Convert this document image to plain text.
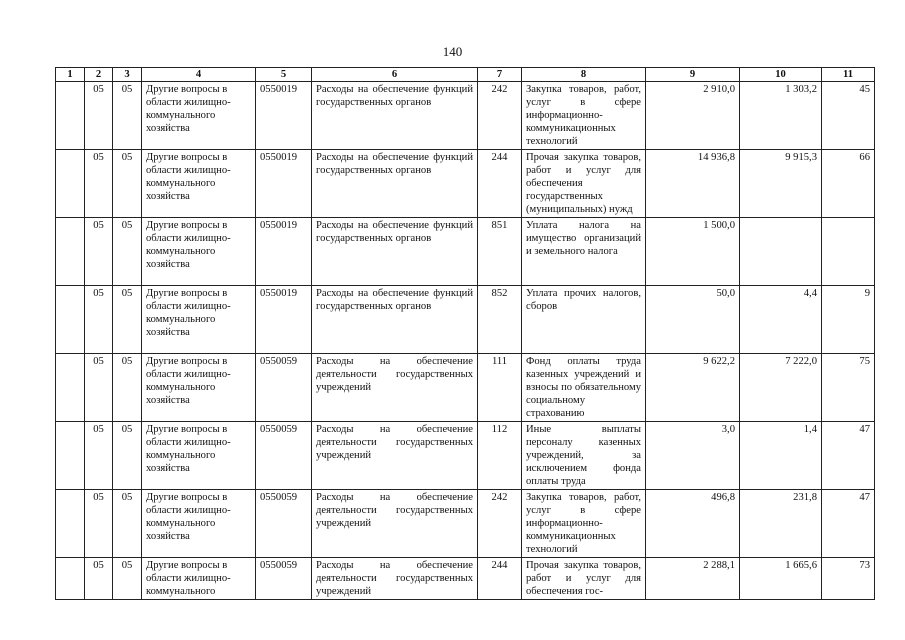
140
1	2	3	4	5	6	7	8	9	10	11
	05	05	Другие вопросы в области жилищно-коммунального хозяйства	0550019	Расходы на обеспечение функций государственных органов	242	Закупка товаров, работ, услуг в сфере информационно-коммуникационных технологий	2 910,0	1 303,2	45
	05	05	Другие вопросы в области жилищно-коммунального хозяйства	0550019	Расходы на обеспечение функций государственных органов	244	Прочая закупка товаров, работ и услуг для обеспечения государственных (муниципальных) нужд	14 936,8	9 915,3	66
	05	05	Другие вопросы в области жилищно-коммунального хозяйства	0550019	Расходы на обеспечение функций государственных органов	851	Уплата налога на имущество организаций и земельного налога	1 500,0		
	05	05	Другие вопросы в области жилищно-коммунального хозяйства	0550019	Расходы на обеспечение функций государственных органов	852	Уплата прочих налогов, сборов	50,0	4,4	9
	05	05	Другие вопросы в области жилищно-коммунального хозяйства	0550059	Расходы на обеспечение деятельности государственных учреждений	111	Фонд оплаты труда казенных учреждений и взносы по обязательному социальному страхованию	9 622,2	7 222,0	75
	05	05	Другие вопросы в области жилищно-коммунального хозяйства	0550059	Расходы на обеспечение деятельности государственных учреждений	112	Иные выплаты персоналу казенных учреждений, за исключением фонда оплаты труда	3,0	1,4	47
	05	05	Другие вопросы в области жилищно-коммунального хозяйства	0550059	Расходы на обеспечение деятельности государственных учреждений	242	Закупка товаров, работ, услуг в сфере информационно-коммуникационных технологий	496,8	231,8	47
	05	05	Другие вопросы в области жилищно-коммунального	0550059	Расходы на обеспечение деятельности государственных учреждений	244	Прочая закупка товаров, работ и услуг для обеспечения гос-	2 288,1	1 665,6	73
